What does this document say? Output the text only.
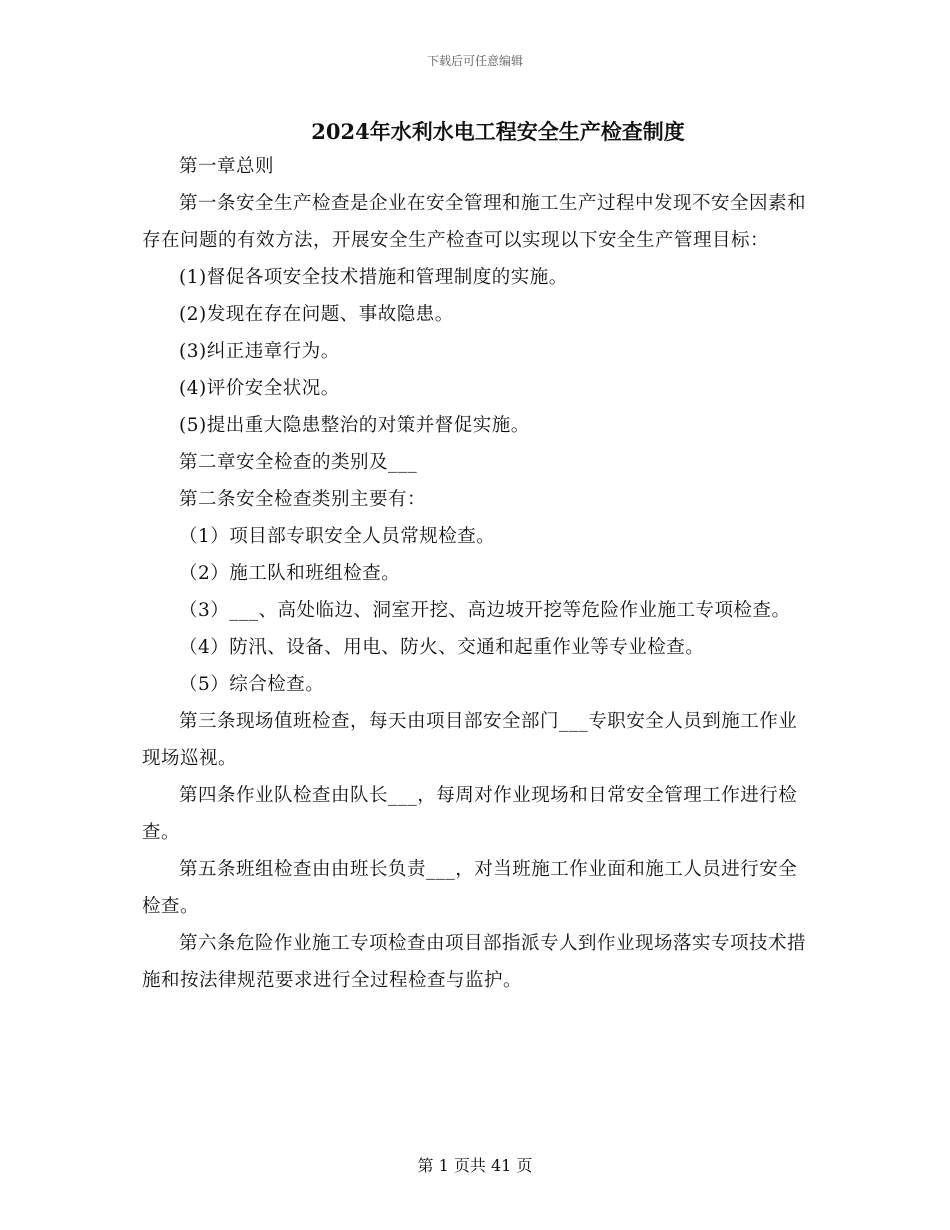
下载后可任意编辑
2024年水利水电工程安全生产检查制度

第一章总则

第一条安全生产检查是企业在安全管理和施工生产过程中发现不安全因素和存在问题的有效方法，开展安全生产检查可以实现以下安全生产管理目标：

(1)督促各项安全技术措施和管理制度的实施。

(2)发现在存在问题、事故隐患。

(3)纠正违章行为。

(4)评价安全状况。

(5)提出重大隐患整治的对策并督促实施。

第二章安全检查的类别及___

第二条安全检查类别主要有：

（1）项目部专职安全人员常规检查。

（2）施工队和班组检查。

（3）___、高处临边、洞室开挖、高边坡开挖等危险作业施工专项检查。

（4）防汛、设备、用电、防火、交通和起重作业等专业检查。

（5）综合检查。

第三条现场值班检查，每天由项目部安全部门___专职安全人员到施工作业现场巡视。

第四条作业队检查由队长___，每周对作业现场和日常安全管理工作进行检查。

第五条班组检查由由班长负责___，对当班施工作业面和施工人员进行安全检查。

第六条危险作业施工专项检查由项目部指派专人到作业现场落实专项技术措施和按法律规范要求进行全过程检查与监护。

第 1 页共 41 页
